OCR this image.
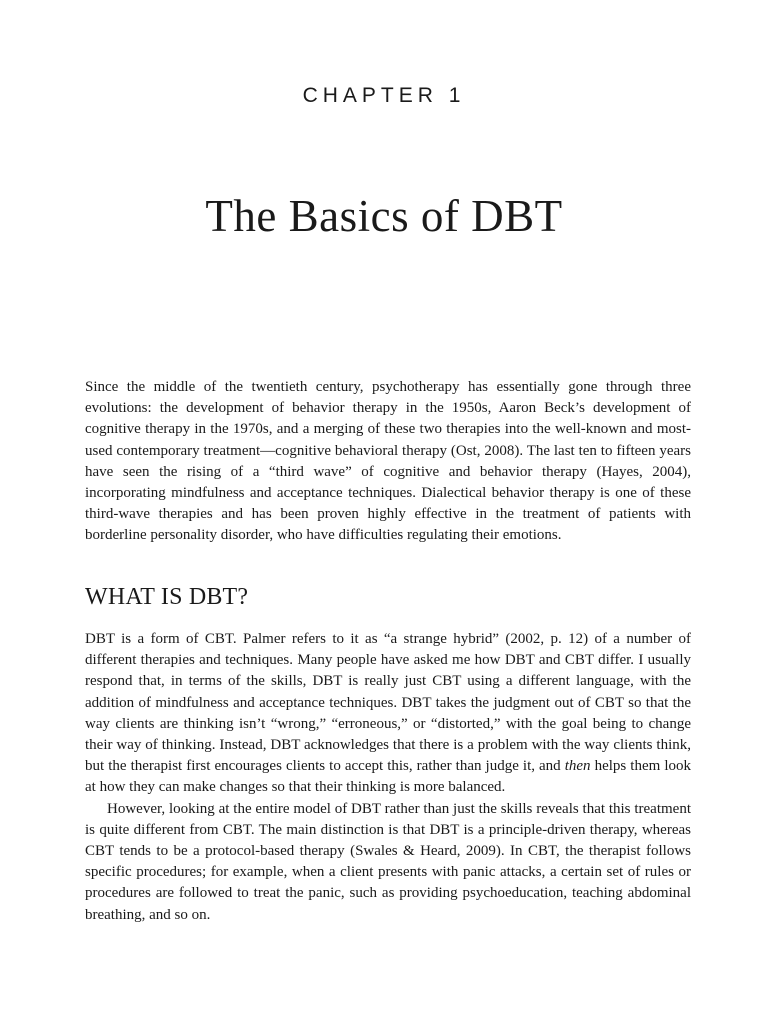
CHAPTER 1
The Basics of DBT

Since the middle of the twentieth century, psychotherapy has essentially gone through three evolutions: the development of behavior therapy in the 1950s, Aaron Beck’s development of cognitive therapy in the 1970s, and a merging of these two therapies into the well-known and most-used contemporary treatment—cognitive behavioral therapy (Ost, 2008). The last ten to fifteen years have seen the rising of a “third wave” of cognitive and behavior therapy (Hayes, 2004), incorporating mindfulness and acceptance techniques. Dialectical behavior therapy is one of these third-wave therapies and has been proven highly effective in the treatment of patients with borderline personality disorder, who have difficulties regulating their emotions.

WHAT IS DBT?

DBT is a form of CBT. Palmer refers to it as “a strange hybrid” (2002, p. 12) of a number of different therapies and techniques. Many people have asked me how DBT and CBT differ. I usually respond that, in terms of the skills, DBT is really just CBT using a different language, with the addition of mindfulness and acceptance techniques. DBT takes the judgment out of CBT so that the way clients are thinking isn’t “wrong,” “erroneous,” or “distorted,” with the goal being to change their way of thinking. Instead, DBT acknowledges that there is a problem with the way clients think, but the therapist first encourages clients to accept this, rather than judge it, and then helps them look at how they can make changes so that their thinking is more balanced.

However, looking at the entire model of DBT rather than just the skills reveals that this treatment is quite different from CBT. The main distinction is that DBT is a principle-driven therapy, whereas CBT tends to be a protocol-based therapy (Swales & Heard, 2009). In CBT, the therapist follows specific procedures; for example, when a client presents with panic attacks, a certain set of rules or procedures are followed to treat the panic, such as providing psychoeducation, teaching abdominal breathing, and so on.
